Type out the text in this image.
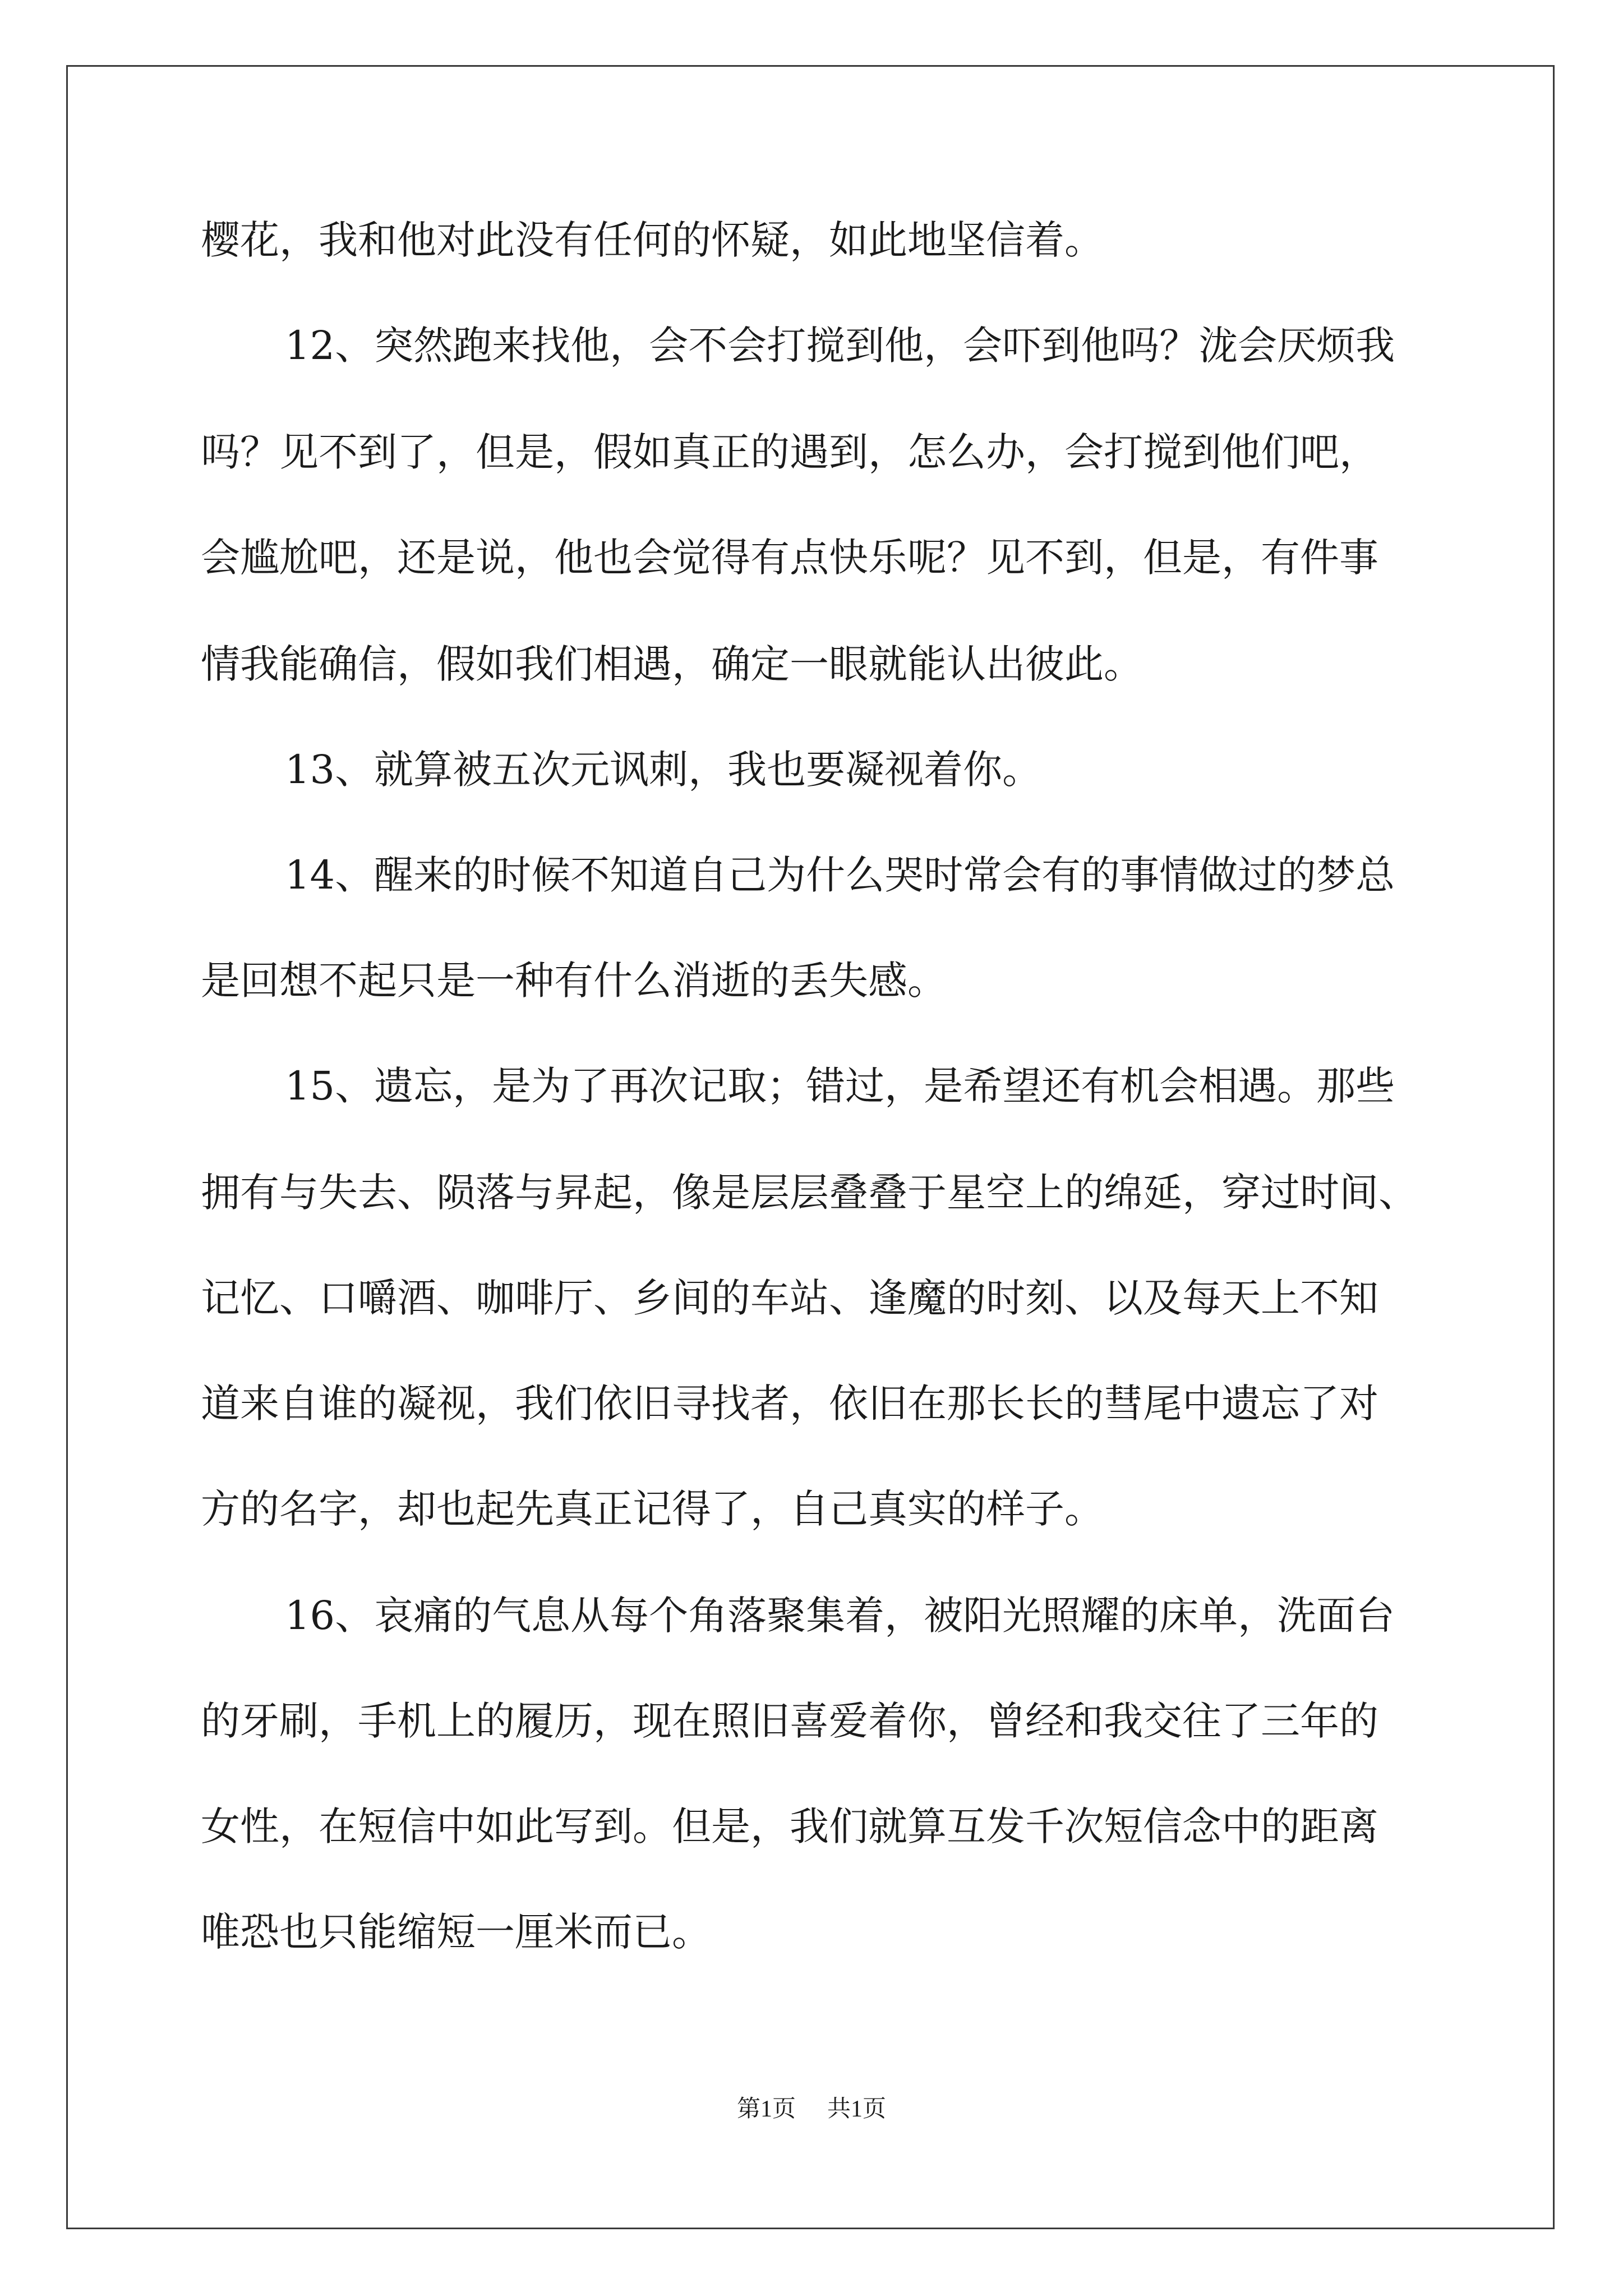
樱花，我和他对此没有任何的怀疑，如此地坚信着。
12、突然跑来找他，会不会打搅到他，会吓到他吗？泷会厌烦我
吗？见不到了，但是，假如真正的遇到，怎么办，会打搅到他们吧，
会尴尬吧，还是说，他也会觉得有点快乐呢？见不到，但是，有件事
情我能确信，假如我们相遇，确定一眼就能认出彼此。
13、就算被五次元讽刺，我也要凝视着你。
14、醒来的时候不知道自己为什么哭时常会有的事情做过的梦总
是回想不起只是一种有什么消逝的丢失感。
15、遗忘，是为了再次记取；错过，是希望还有机会相遇。那些
拥有与失去、陨落与昇起，像是层层叠叠于星空上的绵延，穿过时间、
记忆、口嚼酒、咖啡厅、乡间的车站、逢魔的时刻、以及每天上不知
道来自谁的凝视，我们依旧寻找者，依旧在那长长的彗尾中遗忘了对
方的名字，却也起先真正记得了，自己真实的样子。
16、哀痛的气息从每个角落聚集着，被阳光照耀的床单，洗面台
的牙刷，手机上的履历，现在照旧喜爱着你，曾经和我交往了三年的
女性，在短信中如此写到。但是，我们就算互发千次短信念中的距离
唯恐也只能缩短一厘米而已。
第1页 共1页
